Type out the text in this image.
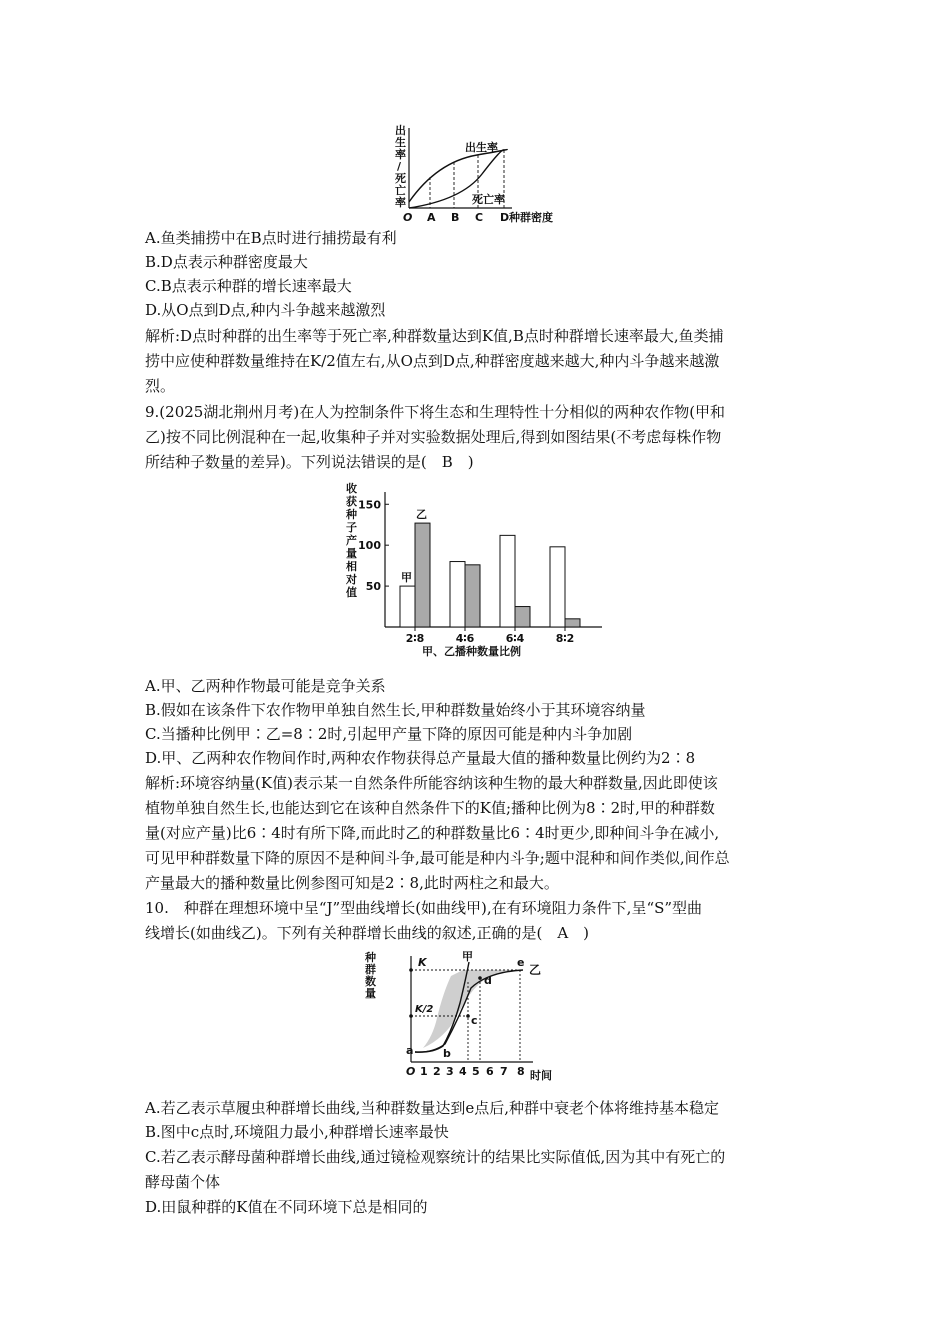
出
生
率
/
死
亡
率
出生率
死亡率
O A B C D 种群密度
A.鱼类捕捞中在B点时进行捕捞最有利
B.D点表示种群密度最大
C.B点表示种群的增长速率最大
D.从O点到D点,种内斗争越来越激烈
解析:D点时种群的出生率等于死亡率,种群数量达到K值,B点时种群增长速率最大,鱼类捕
捞中应使种群数量维持在K/2值左右,从O点到D点,种群密度越来越大,种内斗争越来越激
烈。
9.(2025湖北荆州月考)在人为控制条件下将生态和生理特性十分相似的两种农作物(甲和
乙)按不同比例混种在一起,收集种子并对实验数据处理后,得到如图结果(不考虑每株作物
所结种子数量的差异)。下列说法错误的是(　B　)
收
获
种
子
产
量
相
对
值 50
100
150
2∶8	4∶6	6∶4	8∶2
甲
乙
甲、乙播种数量比例
A.甲、乙两种作物最可能是竞争关系
B.假如在该条件下农作物甲单独自然生长,甲种群数量始终小于其环境容纳量
C.当播种比例甲∶乙=8∶2时,引起甲产量下降的原因可能是种内斗争加剧
D.甲、乙两种农作物间作时,两种农作物获得总产量最大值的播种数量比例约为2∶8
解析:环境容纳量(K值)表示某一自然条件所能容纳该种生物的最大种群数量,因此即使该
植物单独自然生长,也能达到它在该种自然条件下的K值;播种比例为8∶2时,甲的种群数
量(对应产量)比6∶4时有所下降,而此时乙的种群数量比6∶4时更少,即种间斗争在减小,
可见甲种群数量下降的原因不是种间斗争,最可能是种内斗争;题中混种和间作类似,间作总
产量最大的播种数量比例参图可知是2∶8,此时两柱之和最大。
10.　种群在理想环境中呈“J”型曲线增长(如曲线甲),在有环境阻力条件下,呈“S”型曲
线增长(如曲线乙)。下列有关种群增长曲线的叙述,正确的是(　A　)
种
群
数
量
K
K/2
甲
乙
a	b
c
d
e
O 1 2 3 4 5 6 7 8 时间
A.若乙表示草履虫种群增长曲线,当种群数量达到e点后,种群中衰老个体将维持基本稳定
B.图中c点时,环境阻力最小,种群增长速率最快
C.若乙表示酵母菌种群增长曲线,通过镜检观察统计的结果比实际值低,因为其中有死亡的
酵母菌个体
D.田鼠种群的K值在不同环境下总是相同的
